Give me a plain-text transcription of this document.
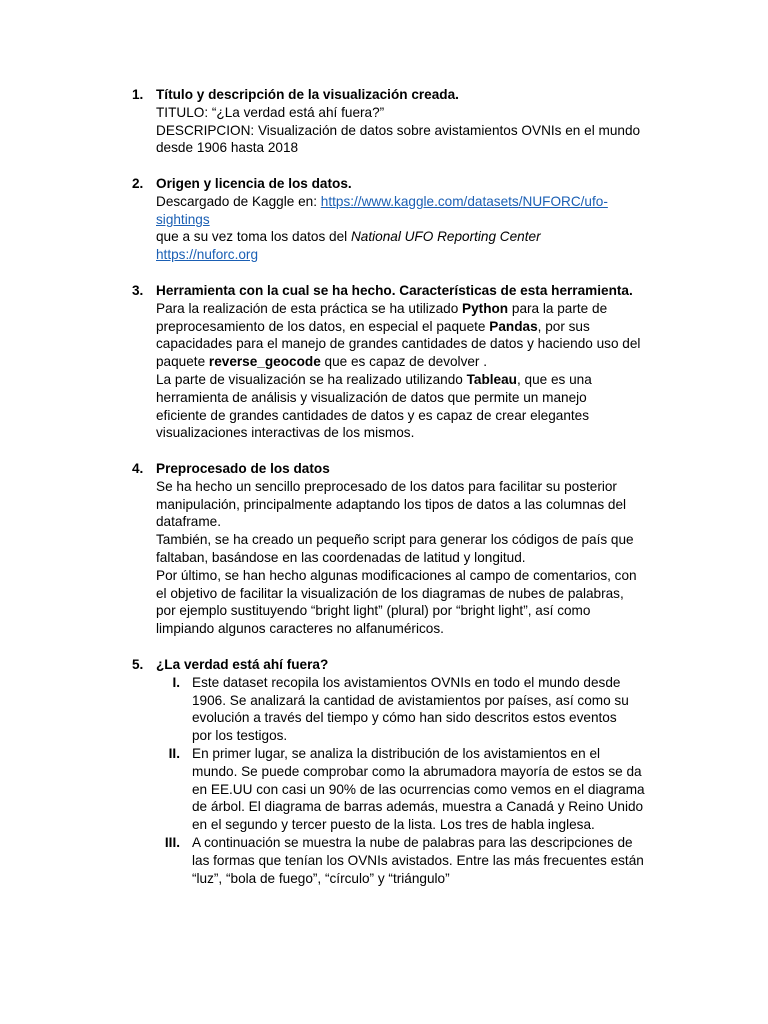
1. Título y descripción de la visualización creada.
TITULO: “¿La verdad está ahí fuera?”
DESCRIPCION: Visualización de datos sobre avistamientos OVNIs en el mundo
desde 1906 hasta 2018
2. Origen y licencia de los datos.
Descargado de Kaggle en: https://www.kaggle.com/datasets/NUFORC/ufo-
sightings
que a su vez toma los datos del National UFO Reporting Center
https://nuforc.org
3. Herramienta con la cual se ha hecho. Características de esta herramienta.
Para la realización de esta práctica se ha utilizado Python para la parte de
preprocesamiento de los datos, en especial el paquete Pandas, por sus
capacidades para el manejo de grandes cantidades de datos y haciendo uso del
paquete reverse_geocode que es capaz de devolver .
La parte de visualización se ha realizado utilizando Tableau, que es una
herramienta de análisis y visualización de datos que permite un manejo
eficiente de grandes cantidades de datos y es capaz de crear elegantes
visualizaciones interactivas de los mismos.
4. Preprocesado de los datos
Se ha hecho un sencillo preprocesado de los datos para facilitar su posterior
manipulación, principalmente adaptando los tipos de datos a las columnas del
dataframe.
También, se ha creado un pequeño script para generar los códigos de país que
faltaban, basándose en las coordenadas de latitud y longitud.
Por último, se han hecho algunas modificaciones al campo de comentarios, con
el objetivo de facilitar la visualización de los diagramas de nubes de palabras,
por ejemplo sustituyendo “bright light” (plural) por “bright light”, así como
limpiando algunos caracteres no alfanuméricos.
5. ¿La verdad está ahí fuera?
I. Este dataset recopila los avistamientos OVNIs en todo el mundo desde
1906. Se analizará la cantidad de avistamientos por países, así como su
evolución a través del tiempo y cómo han sido descritos estos eventos
por los testigos.
II. En primer lugar, se analiza la distribución de los avistamientos en el
mundo. Se puede comprobar como la abrumadora mayoría de estos se da
en EE.UU con casi un 90% de las ocurrencias como vemos en el diagrama
de árbol. El diagrama de barras además, muestra a Canadá y Reino Unido
en el segundo y tercer puesto de la lista. Los tres de habla inglesa.
III. A continuación se muestra la nube de palabras para las descripciones de
las formas que tenían los OVNIs avistados. Entre las más frecuentes están
“luz”, “bola de fuego”, “círculo” y “triángulo”
